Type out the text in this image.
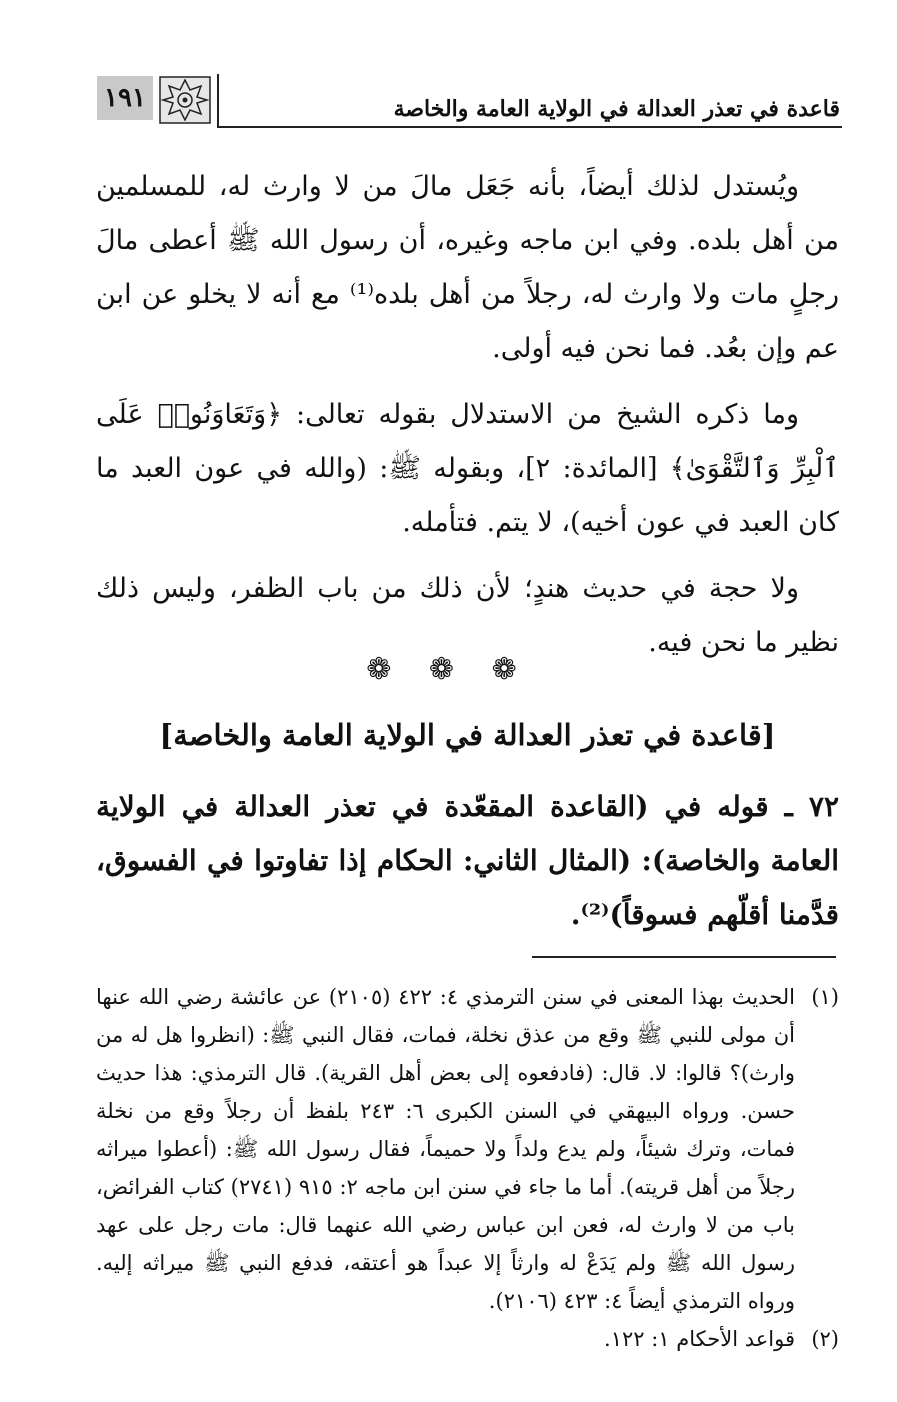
قاعدة في تعذر العدالة في الولاية العامة والخاصة
١٩١

ويُستدل لذلك أيضاً، بأنه جَعَل مالَ من لا وارث له، للمسلمين من أهل بلده. وفي ابن ماجه وغيره، أن رسول الله ﷺ أعطى مالَ رجلٍ مات ولا وارث له، رجلاً من أهل بلده⁽¹⁾ مع أنه لا يخلو عن ابن عم وإن بعُد. فما نحن فيه أولى.

وما ذكره الشيخ من الاستدلال بقوله تعالى: ﴿وَتَعَاوَنُوا۟ عَلَى ٱلْبِرِّ وَٱلتَّقْوَىٰ﴾ [المائدة: ٢]، وبقوله ﷺ: (والله في عون العبد ما كان العبد في عون أخيه)، لا يتم. فتأمله.

ولا حجة في حديث هندٍ؛ لأن ذلك من باب الظفر، وليس ذلك نظير ما نحن فيه.

❁ ❁ ❁
[قاعدة في تعذر العدالة في الولاية العامة والخاصة]

٧٢ ـ قوله في (القاعدة المقعّدة في تعذر العدالة في الولاية العامة والخاصة): (المثال الثاني: الحكام إذا تفاوتوا في الفسوق، قدَّمنا أقلّهم فسوقاً)⁽²⁾.

(١)
الحديث بهذا المعنى في سنن الترمذي ٤: ٤٢٢ (٢١٠٥) عن عائشة رضي الله عنها أن مولى للنبي ﷺ وقع من عذق نخلة، فمات، فقال النبي ﷺ: (انظروا هل له من وارث)؟ قالوا: لا. قال: (فادفعوه إلى بعض أهل القرية). قال الترمذي: هذا حديث حسن. ورواه البيهقي في السنن الكبرى ٦: ٢٤٣ بلفظ أن رجلاً وقع من نخلة فمات، وترك شيئاً، ولم يدع ولداً ولا حميماً، فقال رسول الله ﷺ: (أعطوا ميراثه رجلاً من أهل قريته). أما ما جاء في سنن ابن ماجه ٢: ٩١٥ (٢٧٤١) كتاب الفرائض، باب من لا وارث له، فعن ابن عباس رضي الله عنهما قال: مات رجل على عهد رسول الله ﷺ ولم يَدَعْ له وارثاً إلا عبداً هو أعتقه، فدفع النبي ﷺ ميراثه إليه. ورواه الترمذي أيضاً ٤: ٤٢٣ (٢١٠٦).
(٢)
قواعد الأحكام ١: ١٢٢.
